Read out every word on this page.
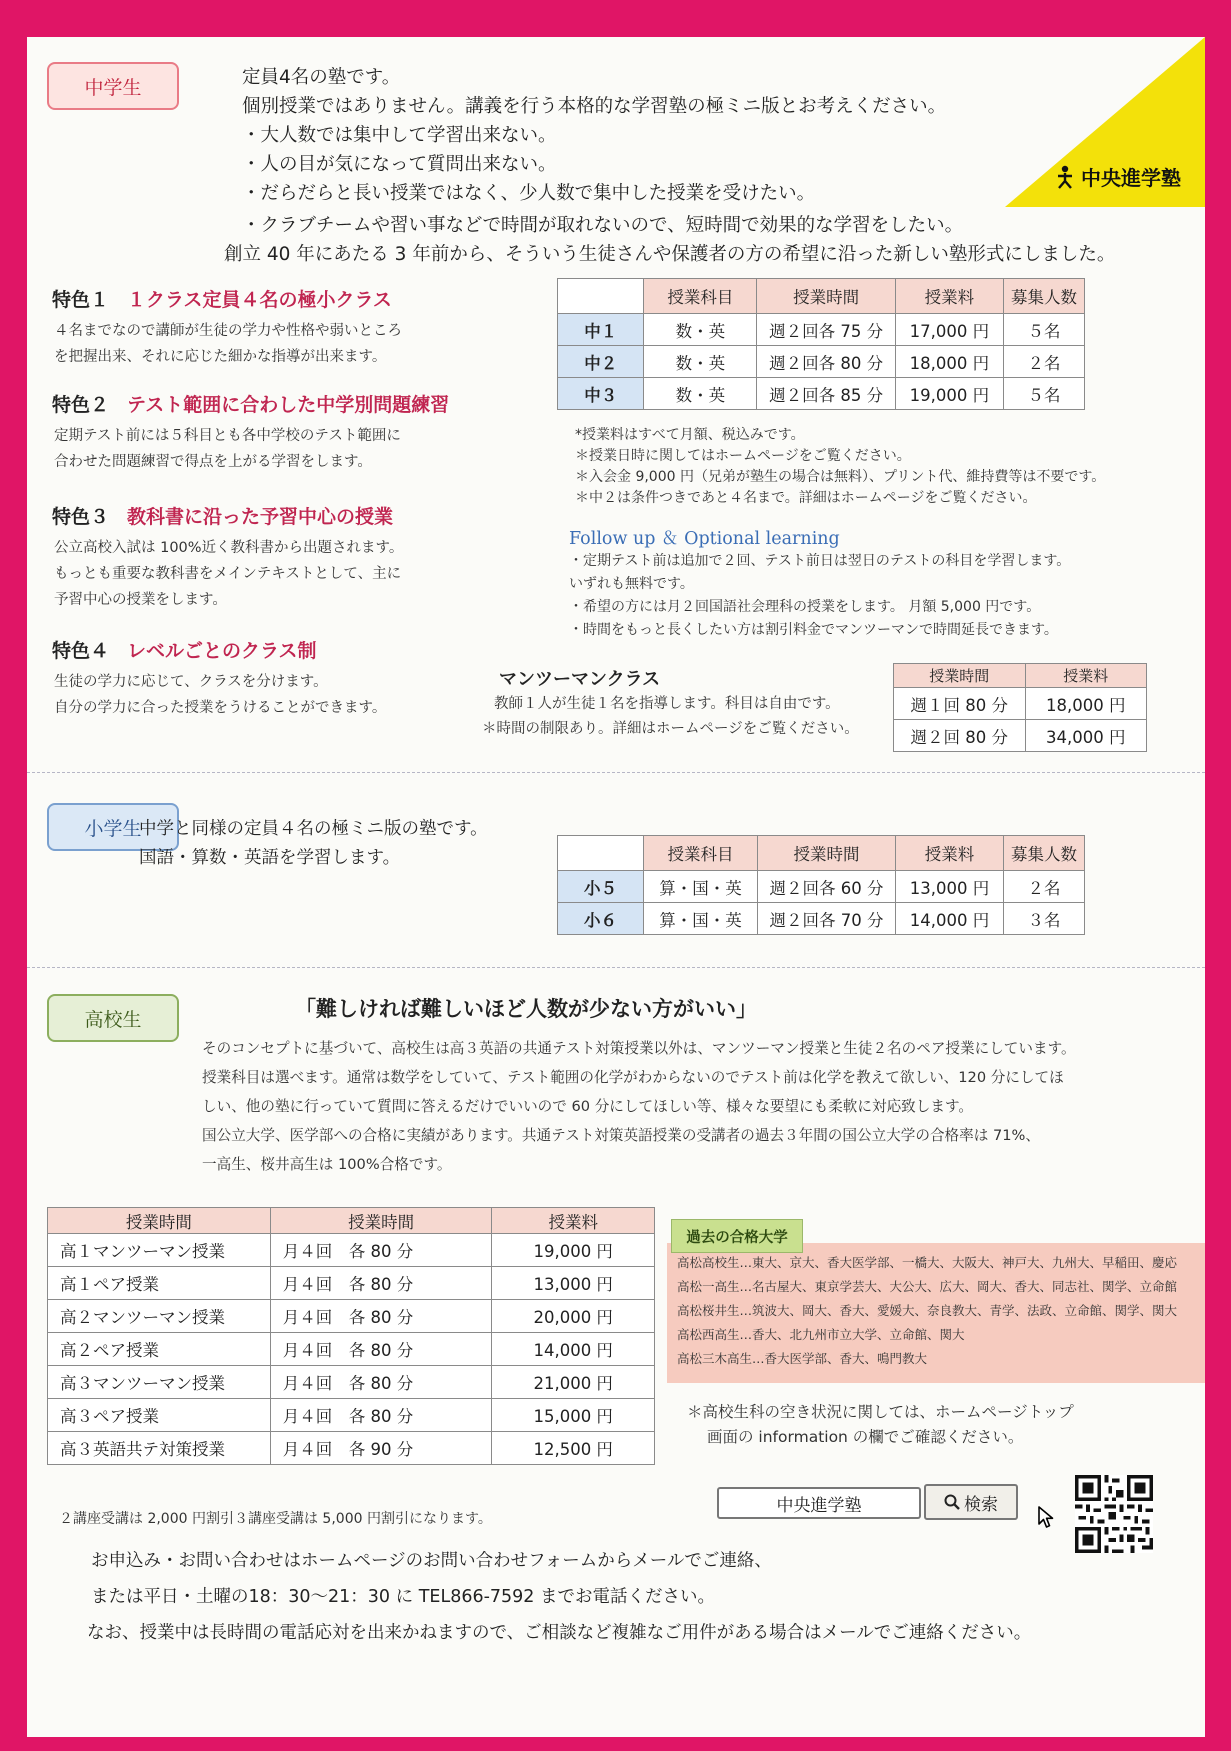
中央進学塾
中学生	定員4名の塾です。
個別授業ではありません。講義を行う本格的な学習塾の極ミニ版とお考えください。
・大人数では集中して学習出来ない。
・人の目が気になって質問出来ない。
・だらだらと長い授業ではなく、少人数で集中した授業を受けたい。
・クラブチームや習い事などで時間が取れないので、短時間で効果的な学習をしたい。
創立 40 年にあたる 3 年前から、そういう生徒さんや保護者の方の希望に沿った新しい塾形式にしました。
特色１ １クラス定員４名の極小クラス
４名までなので講師が生徒の学力や性格や弱いところ
を把握出来、それに応じた細かな指導が出来ます。
特色２ テスト範囲に合わした中学別問題練習
定期テスト前には５科目とも各中学校のテスト範囲に
合わせた問題練習で得点を上がる学習をします。
特色３ 教科書に沿った予習中心の授業
公立高校入試は 100%近く教科書から出題されます。
もっとも重要な教科書をメインテキストとして、主に
予習中心の授業をします。
特色４ レベルごとのクラス制
生徒の学力に応じて、クラスを分けます。
自分の学力に合った授業をうけることができます。
	授業科目	授業時間	授業料	募集人数
中１	数・英	週２回各 75 分	17,000 円	５名
中２	数・英	週２回各 80 分	18,000 円	２名
中３	数・英	週２回各 85 分	19,000 円	５名
*授業料はすべて月額、税込みです。
＊授業日時に関してはホームページをご覧ください。
＊入会金 9,000 円（兄弟が塾生の場合は無料）、プリント代、維持費等は不要です。
＊中２は条件つきであと４名まで。詳細はホームページをご覧ください。
Follow up ＆ Optional learning
・定期テスト前は追加で２回、テスト前日は翌日のテストの科目を学習します。
いずれも無料です。
・希望の方には月２回国語社会理科の授業をします。 月額 5,000 円です。
・時間をもっと長くしたい方は割引料金でマンツーマンで時間延長できます。
マンツーマンクラス
教師１人が生徒１名を指導します。科目は自由です。
＊時間の制限あり。詳細はホームページをご覧ください。
授業時間	授業料
週１回 80 分	18,000 円
週２回 80 分	34,000 円
小学生
中学と同様の定員４名の極ミニ版の塾です。
国語・算数・英語を学習します。
		授業科目	授業時間	授業料	募集人数
小５	算・国・英	週２回各 60 分	13,000 円	２名
小６	算・国・英	週２回各 70 分	14,000 円	３名
高校生	「難しければ難しいほど人数が少ない方がいい」
そのコンセプトに基づいて、高校生は高３英語の共通テスト対策授業以外は、マンツーマン授業と生徒２名のペア授業にしています。
授業科目は選べます。通常は数学をしていて、テスト範囲の化学がわからないのでテスト前は化学を教えて欲しい、120 分にしてほ
しい、他の塾に行っていて質問に答えるだけでいいので 60 分にしてほしい等、様々な要望にも柔軟に対応致します。
国公立大学、医学部への合格に実績があります。共通テスト対策英語授業の受講者の過去３年間の国公立大学の合格率は 71%、
一高生、桜井高生は 100%合格です。
授業時間	授業時間	授業料
高１マンツーマン授業	月４回　各 80 分	19,000 円
高１ペア授業	月４回　各 80 分	13,000 円
高２マンツーマン授業	月４回　各 80 分	20,000 円
高２ペア授業	月４回　各 80 分	14,000 円
高３マンツーマン授業	月４回　各 80 分	21,000 円
高３ペア授業	月４回　各 80 分	15,000 円
高３英語共テ対策授業	月４回　各 90 分	12,500 円
２講座受講は 2,000 円割引３講座受講は 5,000 円割引になります。
過去の合格大学
高松高校生…東大、京大、香大医学部、一橋大、大阪大、神戸大、九州大、早稲田、慶応
高松一高生…名古屋大、東京学芸大、大公大、広大、岡大、香大、同志社、関学、立命館
高松桜井生…筑波大、岡大、香大、愛媛大、奈良教大、青学、法政、立命館、関学、関大
高松西高生…香大、北九州市立大学、立命館、関大
高松三木高生…香大医学部、香大、鳴門教大
＊高校生科の空き状況に関しては、ホームページトップ
画面の information の欄でご確認ください。
中央進学塾	検索
お申込み・お問い合わせはホームページのお問い合わせフォームからメールでご連絡、
または平日・土曜の18：30～21：30 に TEL866-7592 までお電話ください。
なお、授業中は長時間の電話応対を出来かねますので、ご相談など複雑なご用件がある場合はメールでご連絡ください。
